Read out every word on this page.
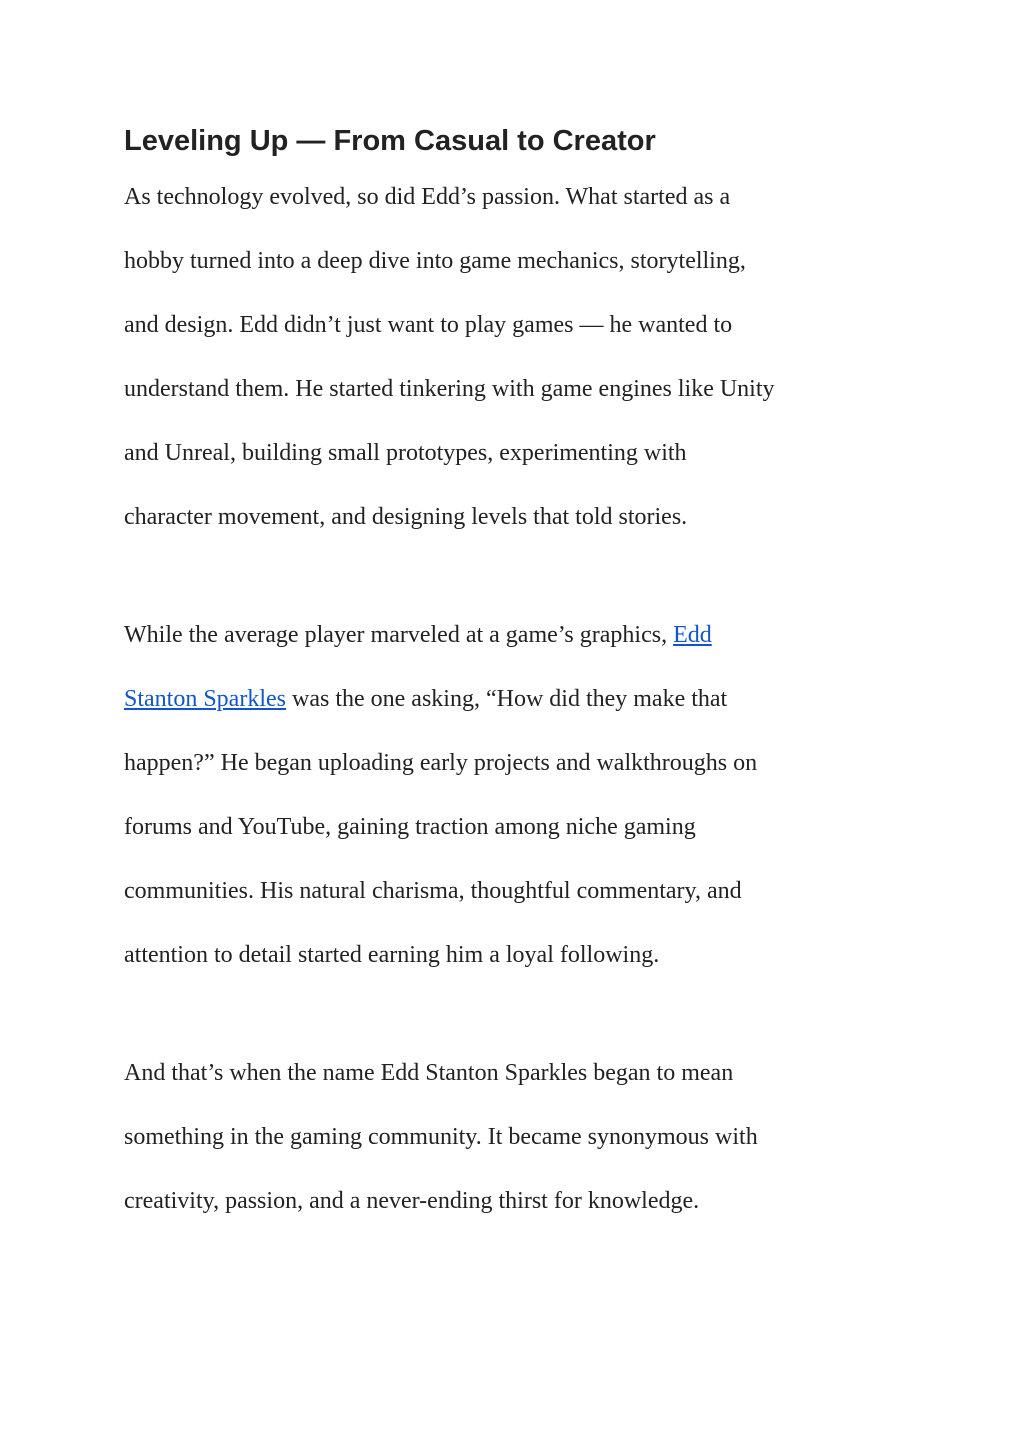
Leveling Up — From Casual to Creator

As technology evolved, so did Edd’s passion. What started as a

hobby turned into a deep dive into game mechanics, storytelling,

and design. Edd didn’t just want to play games — he wanted to

understand them. He started tinkering with game engines like Unity

and Unreal, building small prototypes, experimenting with

character movement, and designing levels that told stories.

While the average player marveled at a game’s graphics, Edd

Stanton Sparkles was the one asking, “How did they make that

happen?” He began uploading early projects and walkthroughs on

forums and YouTube, gaining traction among niche gaming

communities. His natural charisma, thoughtful commentary, and

attention to detail started earning him a loyal following.

And that’s when the name Edd Stanton Sparkles began to mean

something in the gaming community. It became synonymous with

creativity, passion, and a never-ending thirst for knowledge.
